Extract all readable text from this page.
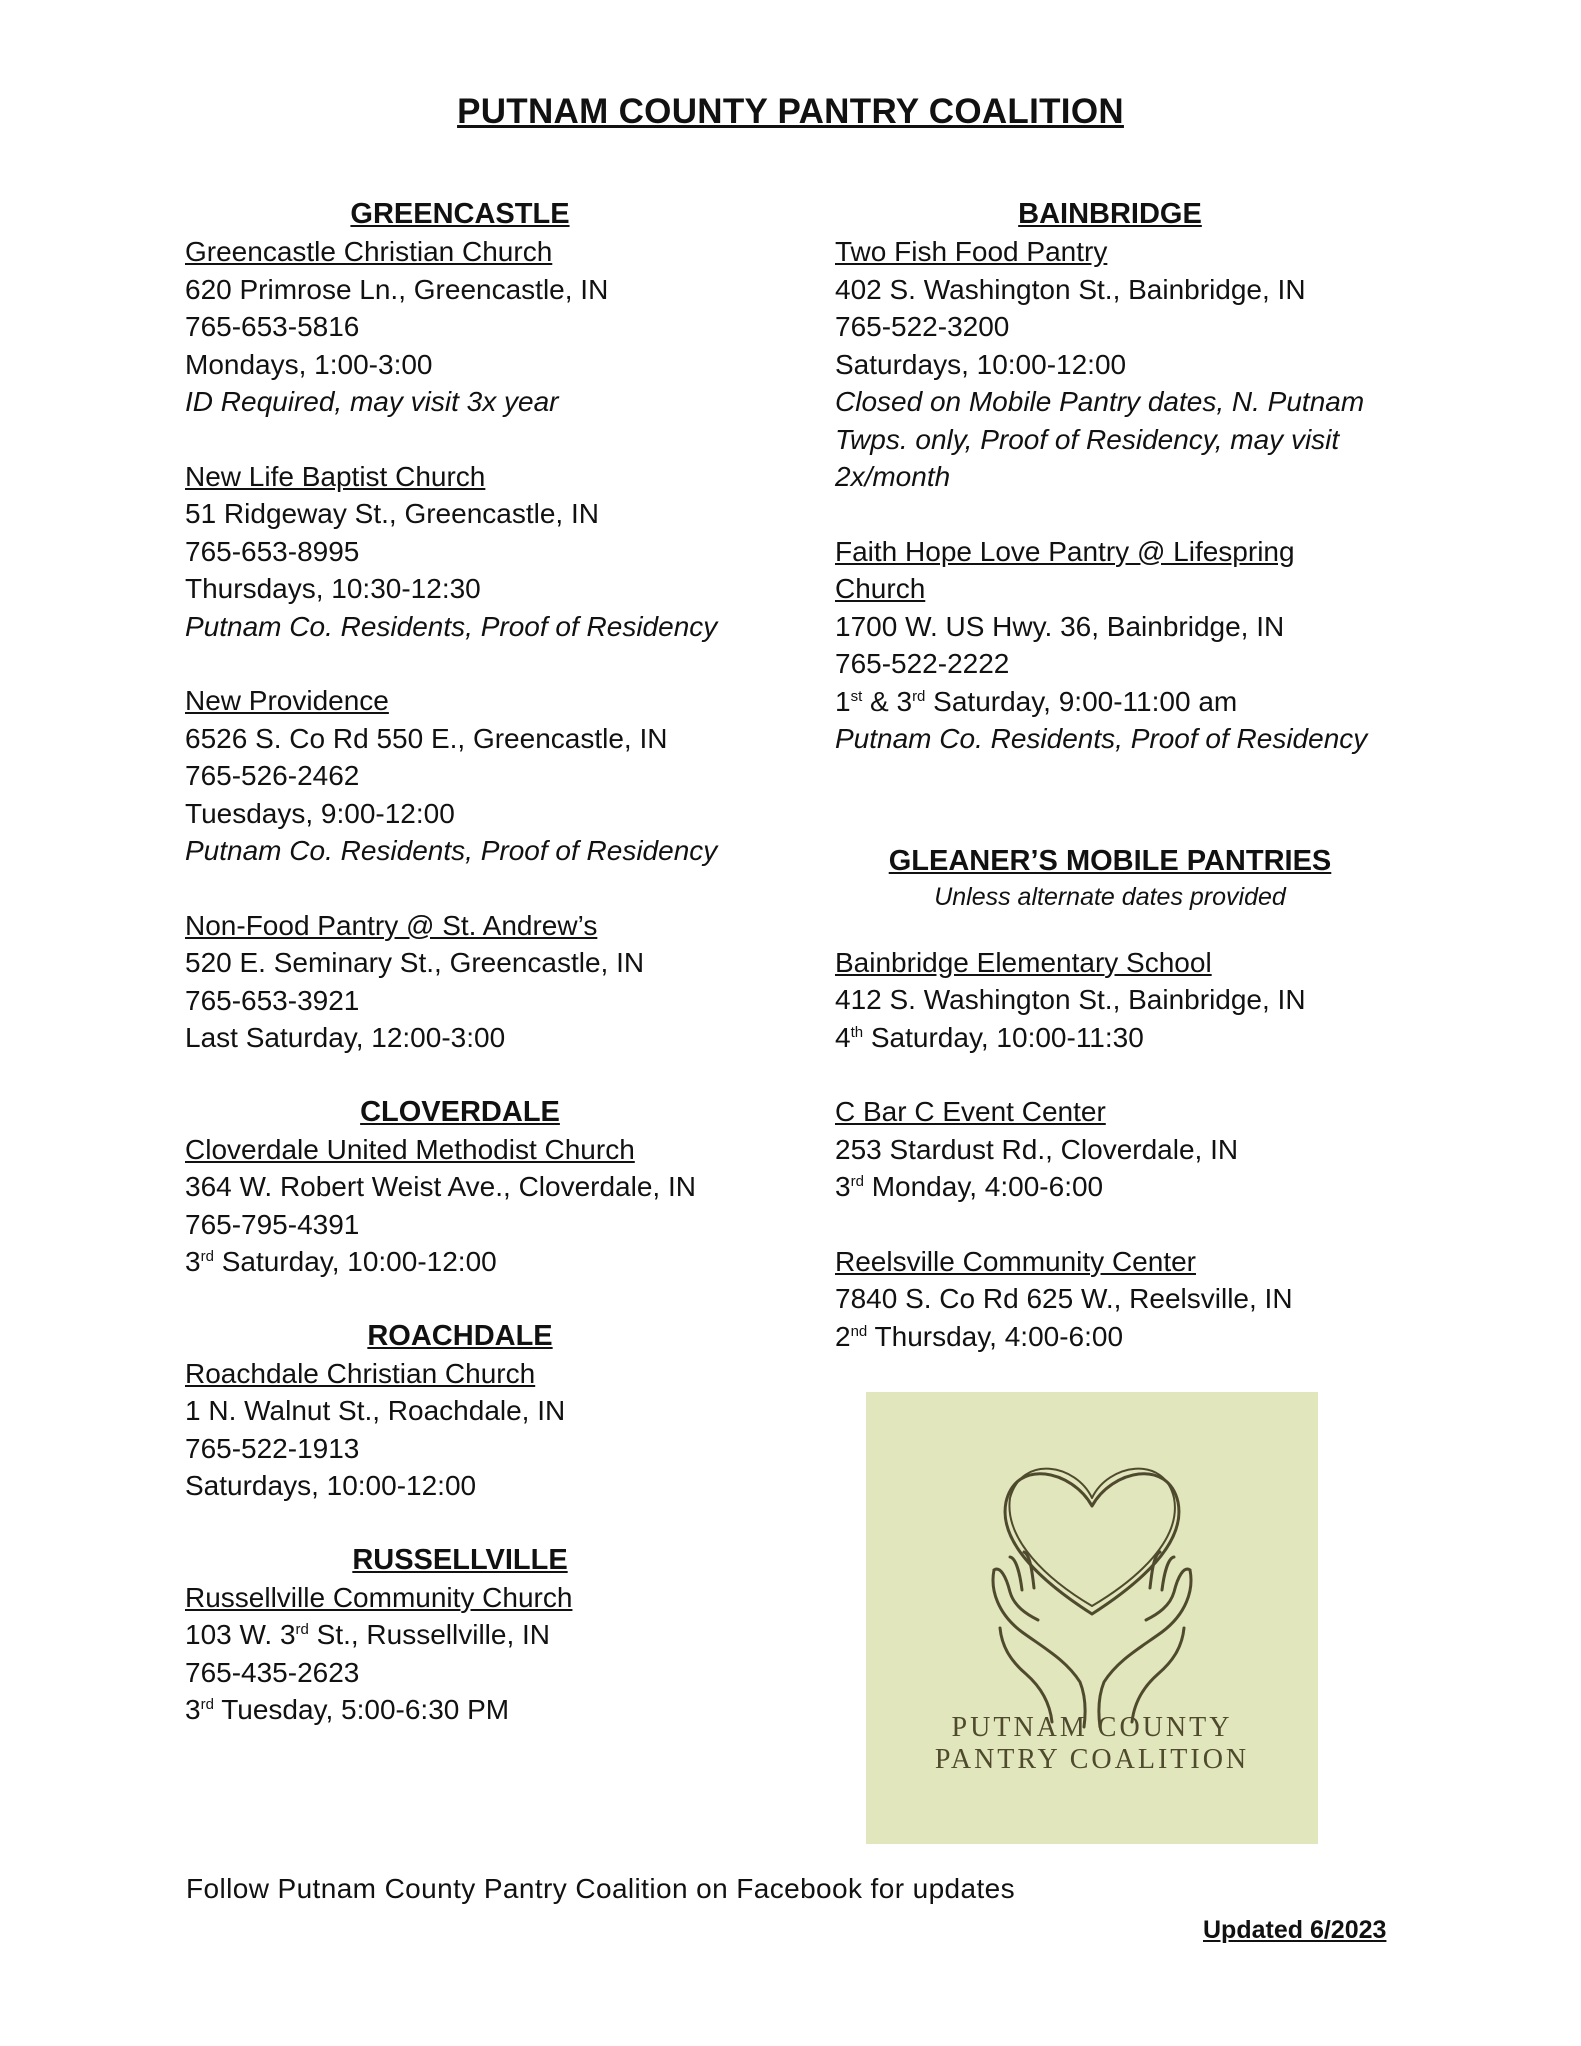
PUTNAM COUNTY PANTRY COALITION
GREENCASTLE
Greencastle Christian Church
620 Primrose Ln., Greencastle, IN
765-653-5816
Mondays, 1:00-3:00
ID Required, may visit 3x year
New Life Baptist Church
51 Ridgeway St., Greencastle, IN
765-653-8995
Thursdays, 10:30-12:30
Putnam Co. Residents, Proof of Residency
New Providence
6526 S. Co Rd 550 E., Greencastle, IN
765-526-2462
Tuesdays, 9:00-12:00
Putnam Co. Residents, Proof of Residency
Non-Food Pantry @ St. Andrew’s
520 E. Seminary St., Greencastle, IN
765-653-3921
Last Saturday, 12:00-3:00
CLOVERDALE
Cloverdale United Methodist Church
364 W. Robert Weist Ave., Cloverdale, IN
765-795-4391
3rd Saturday, 10:00-12:00
ROACHDALE
Roachdale Christian Church
1 N. Walnut St., Roachdale, IN
765-522-1913
Saturdays, 10:00-12:00
RUSSELLVILLE
Russellville Community Church
103 W. 3rd St., Russellville, IN
765-435-2623
3rd Tuesday, 5:00-6:30 PM
BAINBRIDGE
Two Fish Food Pantry
402 S. Washington St., Bainbridge, IN
765-522-3200
Saturdays, 10:00-12:00
Closed on Mobile Pantry dates, N. Putnam
Twps. only, Proof of Residency, may visit
2x/month
Faith Hope Love Pantry @ Lifespring
Church
1700 W. US Hwy. 36, Bainbridge, IN
765-522-2222
1st & 3rd Saturday, 9:00-11:00 am
Putnam Co. Residents, Proof of Residency
GLEANER’S MOBILE PANTRIES
Unless alternate dates provided
Bainbridge Elementary School
412 S. Washington St., Bainbridge, IN
4th Saturday, 10:00-11:30
C Bar C Event Center
253 Stardust Rd., Cloverdale, IN
3rd Monday, 4:00-6:00
Reelsville Community Center
7840 S. Co Rd 625 W., Reelsville, IN
2nd Thursday, 4:00-6:00
PUTNAM COUNTY
PANTRY COALITION
Follow Putnam County Pantry Coalition on Facebook for updates
Updated 6/2023
